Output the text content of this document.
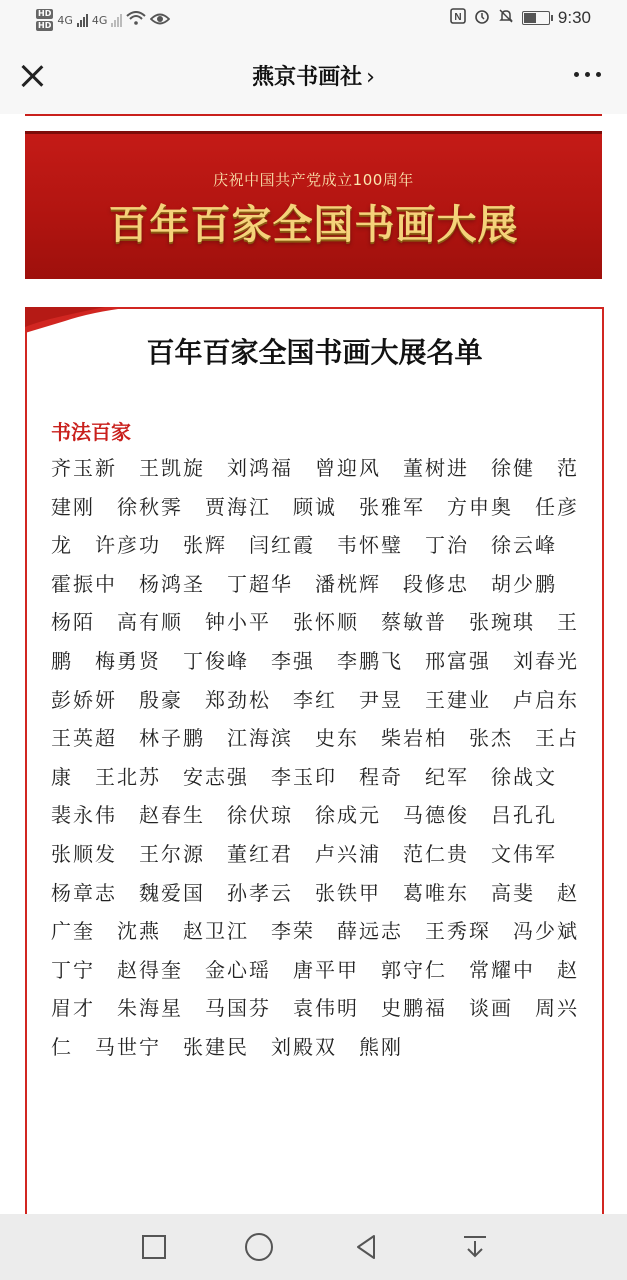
HD
HD 4G 4G	N	9:30
燕京书画社 ›
庆祝中国共产党成立100周年
百年百家全国书画大展
百年百家全国书画大展名单
书法百家
齐玉新　王凯旋　刘鸿福　曾迎风　董树进　徐健　范建刚　徐秋霁　贾海江　顾诚　张雅军　方申奥　任彦龙　许彦功　张辉　闫红霞　韦怀璧　丁治　徐云峰　霍振中　杨鸿圣　丁超华　潘桄辉　段修忠　胡少鹏　杨陌　高有顺　钟小平　张怀顺　蔡敏普　张琬琪　王鹏　梅勇贤　丁俊峰　李强　李鹏飞　邢富强　刘春光　彭娇妍　殷豪　郑劲松　李红　尹昱　王建业　卢启东　王英超　林子鹏　江海滨　史东　柴岩柏　张杰　王占康　王北苏　安志强　李玉印　程奇　纪军　徐战文　裴永伟　赵春生　徐伏琼　徐成元　马德俊　吕孔孔　张顺发　王尔源　董红君　卢兴浦　范仁贵　文伟军　杨章志　魏爱国　孙孝云　张铁甲　葛唯东　高斐　赵广奎　沈燕　赵卫江　李荣　薛远志　王秀琛　冯少斌　丁宁　赵得奎　金心瑶　唐平甲　郭守仁　常耀中　赵眉才　朱海星　马国芬　袁伟明　史鹏福　谈画　周兴仁　马世宁　张建民　刘殿双　熊刚
